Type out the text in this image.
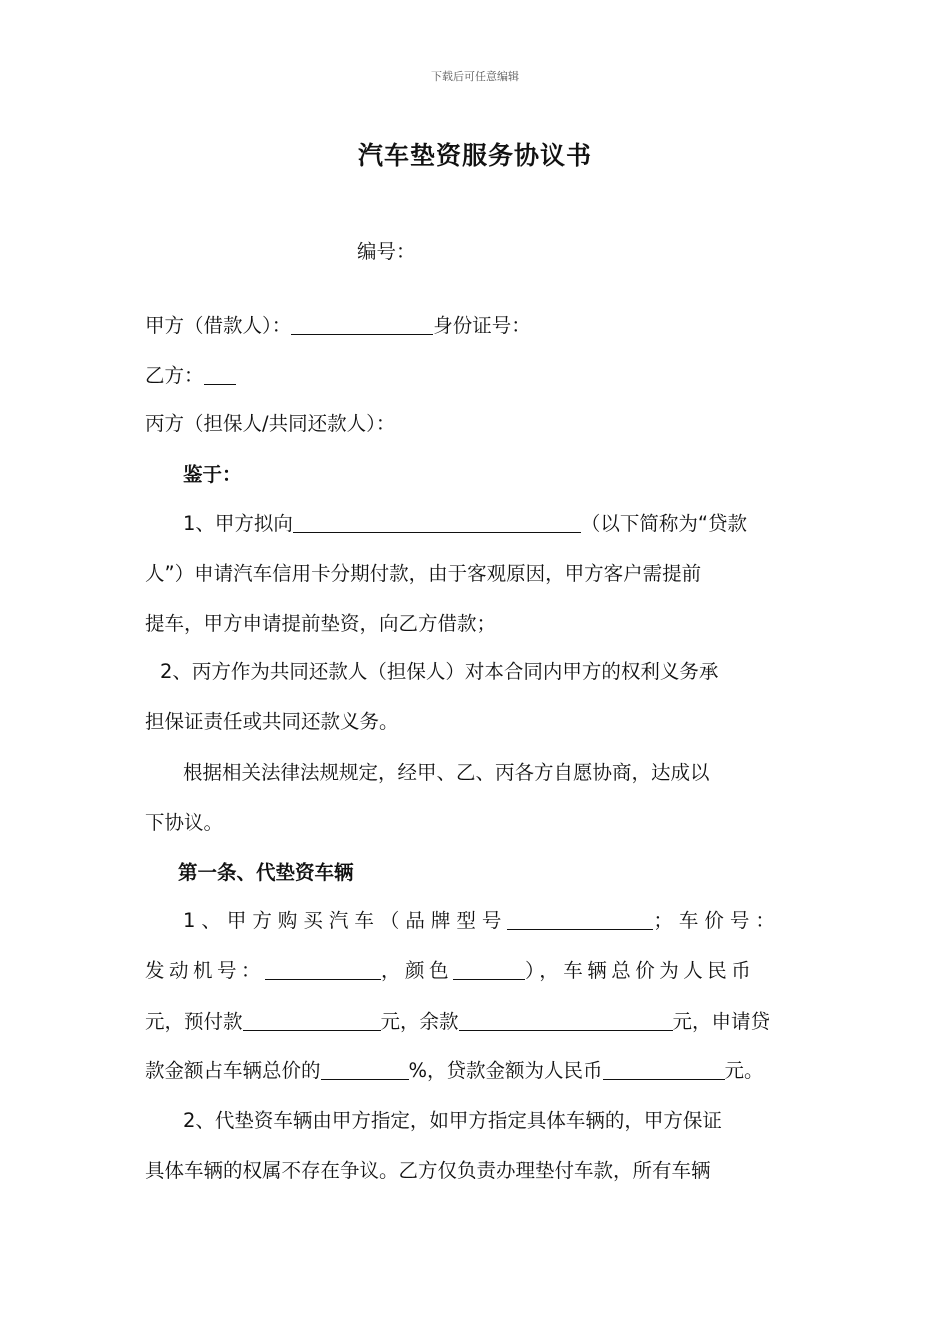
下载后可任意编辑
汽车垫资服务协议书
编号：
甲方（借款人）：	身份证号：
乙方：
丙方（担保人/共同还款人）：
鉴于：
1、甲方拟向	（以下简称为“贷款
人”）申请汽车信用卡分期付款，由于客观原因，甲方客户需提前
提车，甲方申请提前垫资，向乙方借款；
2、丙方作为共同还款人（担保人）对本合同内甲方的权利义务承
担保证责任或共同还款义务。
根据相关法律法规规定，经甲、乙、丙各方自愿协商，达成以
下协议。
第一条、代垫资车辆
1、甲方购买汽车（品牌型号	；车价号：
发动机号：	，颜色	），车辆总价为人民币
元，预付款	元，余款	元，申请贷
款金额占车辆总价的	%，贷款金额为人民币	元。
2、代垫资车辆由甲方指定，如甲方指定具体车辆的，甲方保证
具体车辆的权属不存在争议。乙方仅负责办理垫付车款，所有车辆
